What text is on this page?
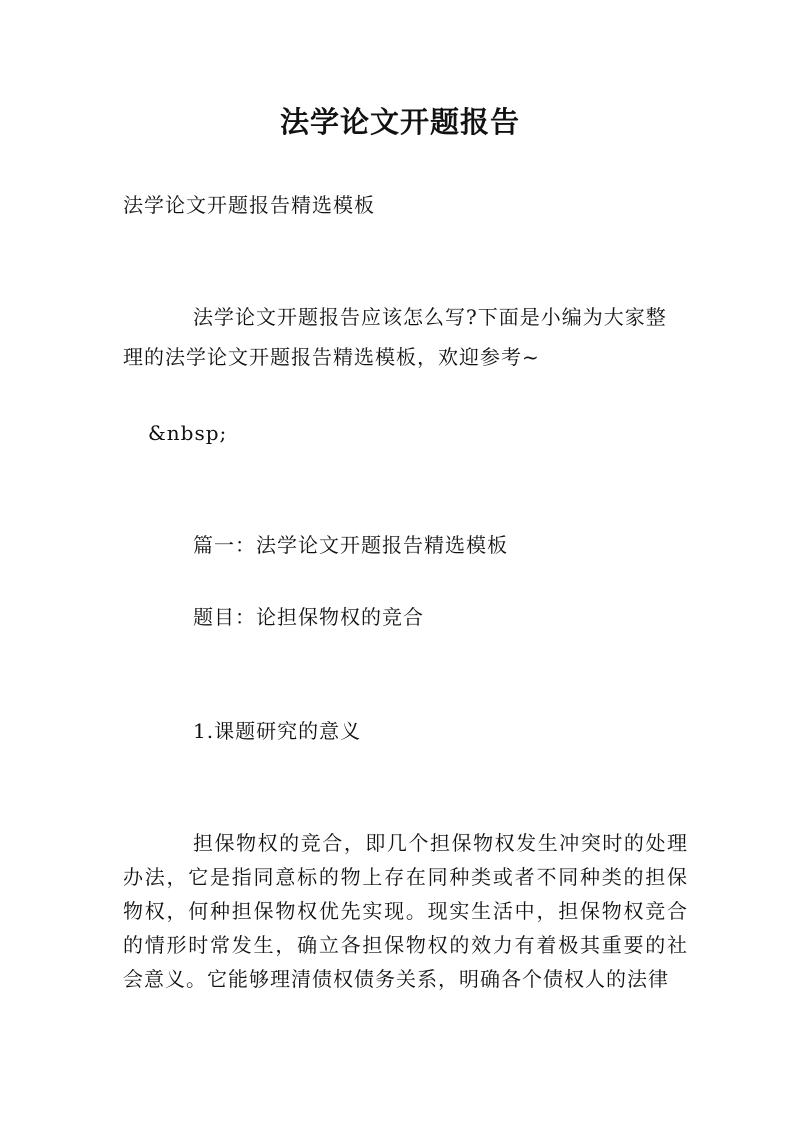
法学论文开题报告
法学论文开题报告精选模板
法学论文开题报告应该怎么写?下面是小编为大家整
理的法学论文开题报告精选模板，欢迎参考~
&nbsp;
篇一：法学论文开题报告精选模板
题目：论担保物权的竞合
1.课题研究的意义
担保物权的竞合，即几个担保物权发生冲突时的处理办法，它是指同意标的物上存在同种类或者不同种类的担保物权，何种担保物权优先实现。现实生活中，担保物权竞合的情形时常发生，确立各担保物权的效力有着极其重要的社会意义。它能够理清债权债务关系，明确各个债权人的法律
